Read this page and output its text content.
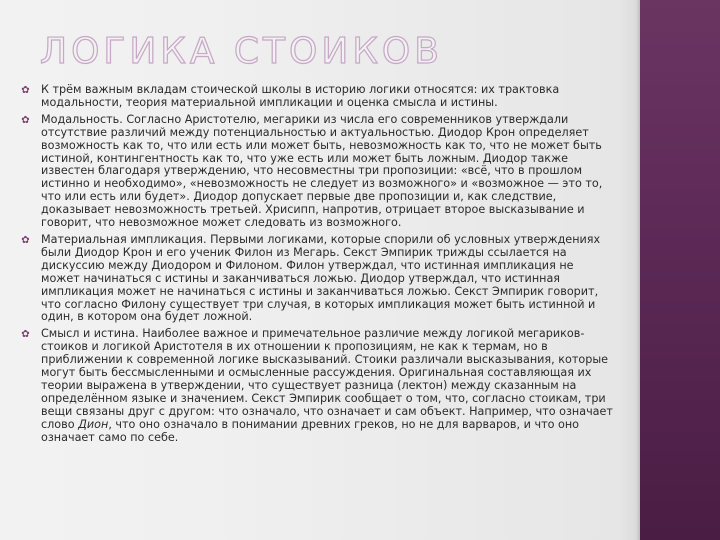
ЛОГИКА СТОИКОВ
✿ К трём важным вкладам стоической школы в историю логики относятся: их трактовка модальности, теория материальной импликации и оценка смысла и истины.
✿ Модальность. Согласно Аристотелю, мегарики из числа его современников утверждали отсутствие различий между потенциальностью и актуальностью. Диодор Крон определяет возможность как то, что или есть или может быть, невозможность как то, что не может быть истиной, контингентность как то, что уже есть или может быть ложным. Диодор также известен благодаря утверждению, что несовместны три пропозиции: «всё, что в прошлом истинно и необходимо», «невозможность не следует из возможного» и «возможное — это то, что или есть или будет». Диодор допускает первые две пропозиции и, как следствие, доказывает невозможность третьей. Хрисипп, напротив, отрицает второе высказывание и говорит, что невозможное может следовать из возможного.
✿ Материальная импликация. Первыми логиками, которые спорили об условных утверждениях были Диодор Крон и его ученик Филон из Мегарь. Секст Эмпирик трижды ссылается на дискуссию между Диодором и Филоном. Филон утверждал, что истинная импликация не может начинаться с истины и заканчиваться ложью. Диодор утверждал, что истинная импликация может не начинаться с истины и заканчиваться ложью. Секст Эмпирик говорит, что согласно Филону существует три случая, в которых импликация может быть истинной и один, в котором она будет ложной.
✿ Смысл и истина. Наиболее важное и примечательное различие между логикой мегариков-стоиков и логикой Аристотеля в их отношении к пропозициям, не как к термам, но в приближении к современной логике высказываний. Стоики различали высказывания, которые могут быть бессмысленными и осмысленные рассуждения. Оригинальная составляющая их теории выражена в утверждении, что существует разница (лектон) между сказанным на определённом языке и значением. Секст Эмпирик сообщает о том, что, согласно стоикам, три вещи связаны друг с другом: что означало, что означает и сам объект. Например, что означает слово Дион, что оно означало в понимании древних греков, но не для варваров, и что оно означает само по себе.
